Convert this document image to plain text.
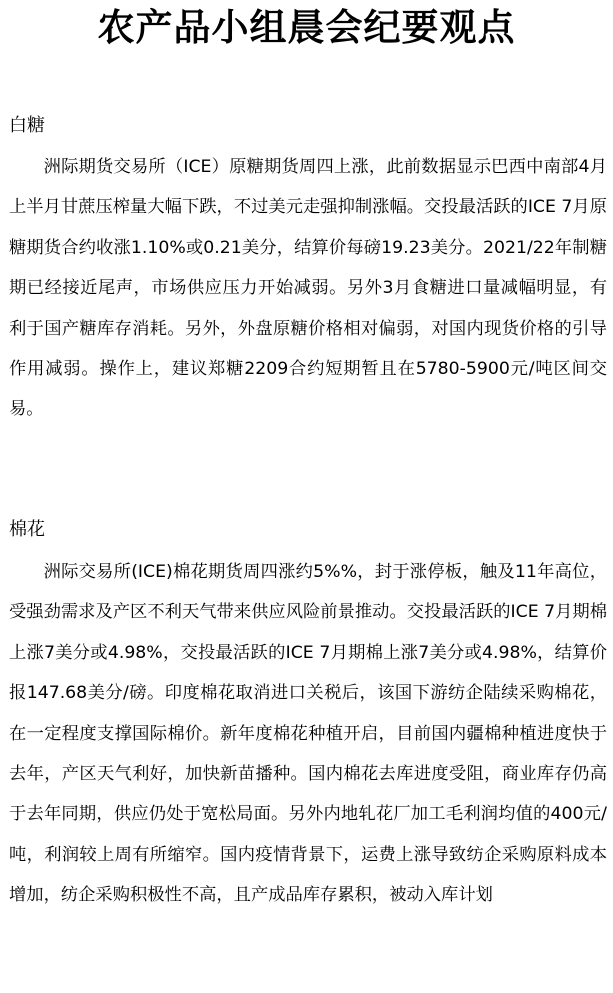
农产品小组晨会纪要观点
白糖

洲际期货交易所（ICE）原糖期货周四上涨，此前数据显示巴西中南部4月上半月甘蔗压榨量大幅下跌，不过美元走强抑制涨幅。交投最活跃的ICE 7月原糖期货合约收涨1.10%或0.21美分，结算价每磅19.23美分。2021/22年制糖期已经接近尾声，市场供应压力开始减弱。另外3月食糖进口量减幅明显，有利于国产糖库存消耗。另外，外盘原糖价格相对偏弱，对国内现货价格的引导作用减弱。操作上，建议郑糖2209合约短期暂且在5780-5900元/吨区间交易。

棉花

洲际交易所(ICE)棉花期货周四涨约5%%，封于涨停板，触及11年高位，受强劲需求及产区不利天气带来供应风险前景推动。交投最活跃的ICE 7月期棉上涨7美分或4.98%，交投最活跃的ICE 7月期棉上涨7美分或4.98%，结算价报147.68美分/磅。印度棉花取消进口关税后，该国下游纺企陆续采购棉花，在一定程度支撑国际棉价。新年度棉花种植开启，目前国内疆棉种植进度快于去年，产区天气利好，加快新苗播种。国内棉花去库进度受阻，商业库存仍高于去年同期，供应仍处于宽松局面。另外内地轧花厂加工毛利润均值的400元/吨，利润较上周有所缩窄。国内疫情背景下，运费上涨导致纺企采购原料成本增加，纺企采购积极性不高，且产成品库存累积，被动入库计划
